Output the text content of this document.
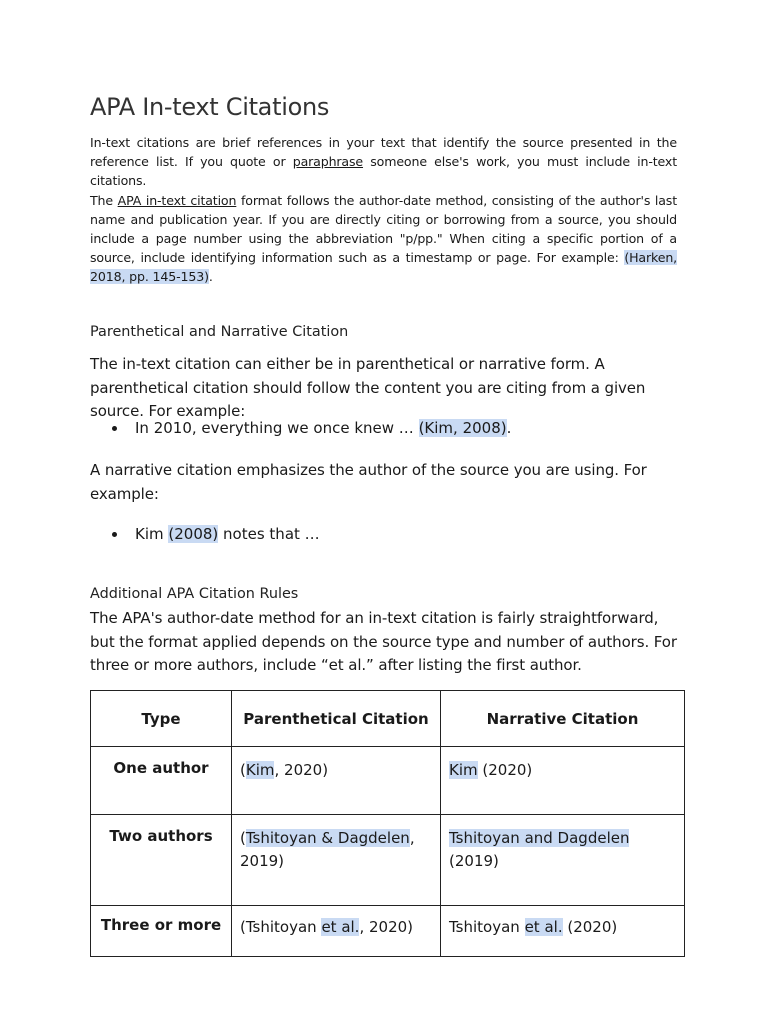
APA In-text Citations

In-text citations are brief references in your text that identify the source presented in the reference list. If you quote or paraphrase someone else's work, you must include in-text citations.

The APA in-text citation format follows the author-date method, consisting of the author's last name and publication year. If you are directly citing or borrowing from a source, you should include a page number using the abbreviation "p/pp." When citing a specific portion of a source, include identifying information such as a timestamp or page. For example: (Harken, 2018, pp. 145-153).

Parenthetical and Narrative Citation

The in-text citation can either be in parenthetical or narrative form. A parenthetical citation should follow the content you are citing from a given source. For example:

In 2010, everything we once knew … (Kim, 2008).

A narrative citation emphasizes the author of the source you are using. For example:

Kim (2008) notes that …
Additional APA Citation Rules

The APA's author-date method for an in-text citation is fairly straightforward, but the format applied depends on the source type and number of authors. For three or more authors, include “et al.” after listing the first author.

Type	Parenthetical Citation	Narrative Citation
One author	(Kim, 2020)	Kim (2020)
Two authors	(Tshitoyan & Dagdelen, 2019)	Tshitoyan and Dagdelen (2019)
Three or more	(Tshitoyan et al., 2020)	Tshitoyan et al. (2020)
